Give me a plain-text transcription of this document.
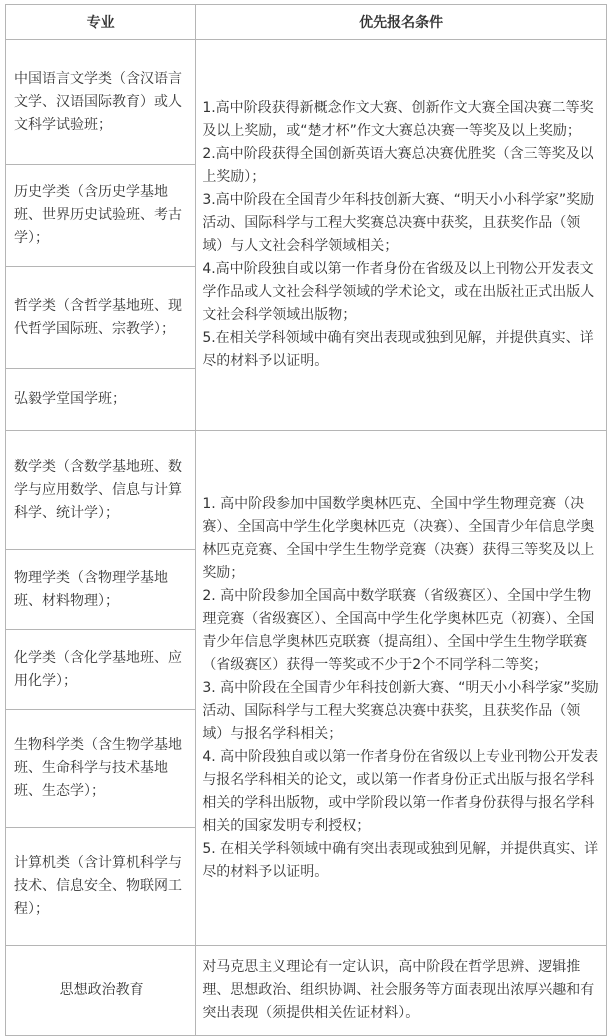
专业	优先报名条件
中国语言文学类（含汉语言文学、汉语国际教育）或人文科学试验班；	1.高中阶段获得新概念作文大赛、创新作文大赛全国决赛二等奖及以上奖励，或“楚才杯”作文大赛总决赛一等奖及以上奖励；
2.高中阶段获得全国创新英语大赛总决赛优胜奖（含三等奖及以上奖励）；
3.高中阶段在全国青少年科技创新大赛、“明天小小科学家”奖励活动、国际科学与工程大奖赛总决赛中获奖，且获奖作品（领域）与人文社会科学领域相关；
4.高中阶段独自或以第一作者身份在省级及以上刊物公开发表文学作品或人文社会科学领域的学术论文，或在出版社正式出版人文社会科学领域出版物；
5.在相关学科领域中确有突出表现或独到见解，并提供真实、详尽的材料予以证明。

历史学类（含历史学基地班、世界历史试验班、考古学）；	
哲学类（含哲学基地班、现代哲学国际班、宗教学）；	
弘毅学堂国学班；	
数学类（含数学基地班、数学与应用数学、信息与计算科学、统计学）；	1. 高中阶段参加中国数学奥林匹克、全国中学生物理竞赛（决赛）、全国高中学生化学奥林匹克（决赛）、全国青少年信息学奥林匹克竞赛、全国中学生生物学竞赛（决赛）获得三等奖及以上奖励；
2. 高中阶段参加全国高中数学联赛（省级赛区）、全国中学生物理竞赛（省级赛区）、全国高中学生化学奥林匹克（初赛）、全国青少年信息学奥林匹克联赛（提高组）、全国中学生生物学联赛（省级赛区）获得一等奖或不少于2个不同学科二等奖；
3. 高中阶段在全国青少年科技创新大赛、“明天小小科学家”奖励活动、国际科学与工程大奖赛总决赛中获奖，且获奖作品（领域）与报名学科相关；
4. 高中阶段独自或以第一作者身份在省级以上专业刊物公开发表与报名学科相关的论文，或以第一作者身份正式出版与报名学科相关的学科出版物，或中学阶段以第一作者身份获得与报名学科相关的国家发明专利授权；
5. 在相关学科领域中确有突出表现或独到见解，并提供真实、详尽的材料予以证明。

物理学类（含物理学基地班、材料物理）；	
化学类（含化学基地班、应用化学）；	
生物科学类（含生物学基地班、生命科学与技术基地班、生态学）；	
计算机类（含计算机科学与技术、信息安全、物联网工程）；	
思想政治教育	对马克思主义理论有一定认识，高中阶段在哲学思辨、逻辑推理、思想政治、组织协调、社会服务等方面表现出浓厚兴趣和有突出表现（须提供相关佐证材料）。
